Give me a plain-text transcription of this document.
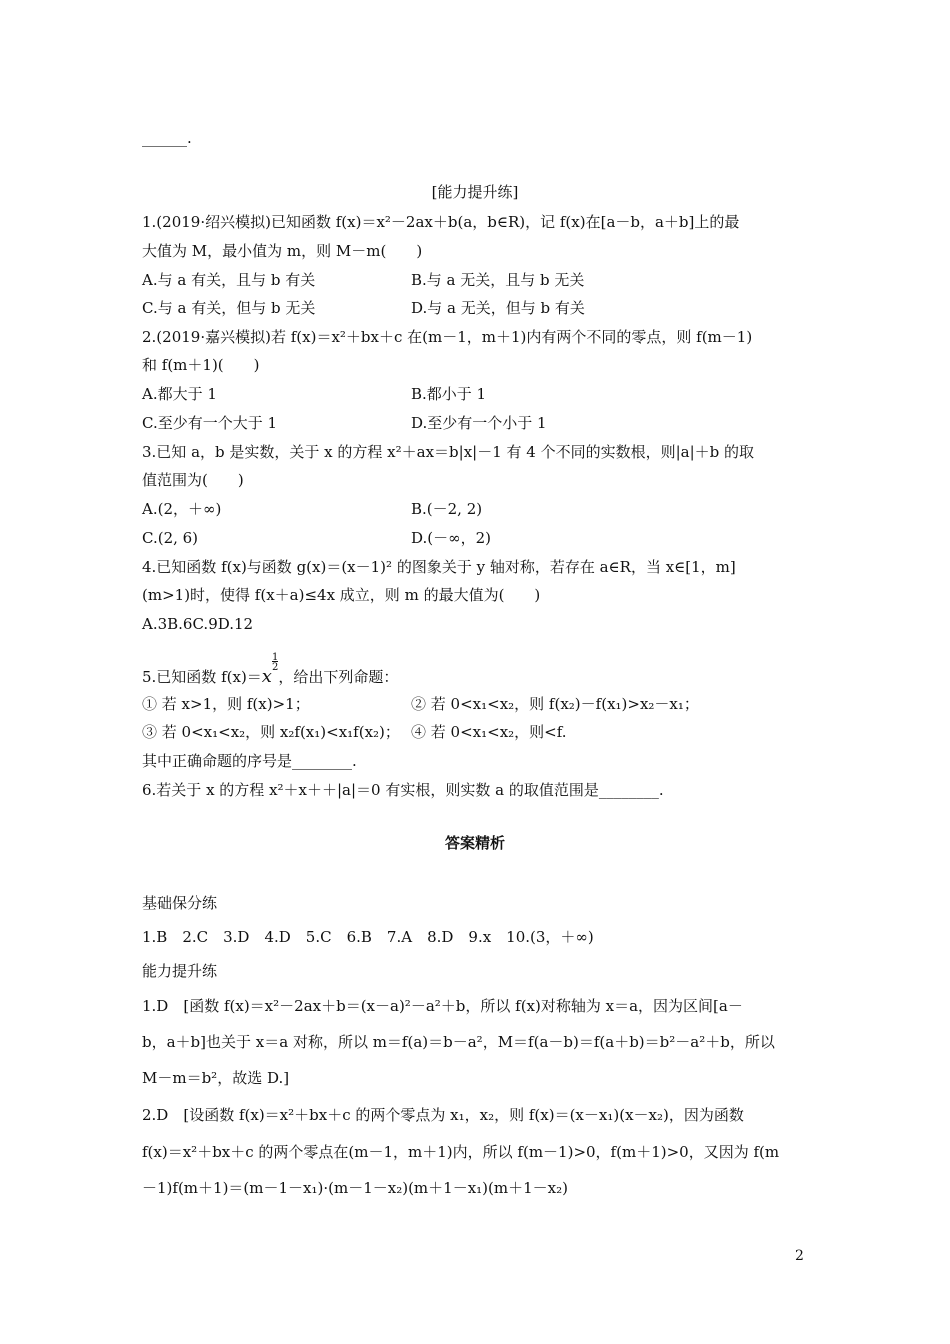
______.
[能力提升练]
1.(2019·绍兴模拟)已知函数 f(x)＝x²－2ax＋b(a，b∈R)，记 f(x)在[a－b，a＋b]上的最
大值为 M，最小值为 m，则 M－m(　　)
A.与 a 有关，且与 b 有关	B.与 a 无关，且与 b 无关
C.与 a 有关，但与 b 无关	D.与 a 无关，但与 b 有关
2.(2019·嘉兴模拟)若 f(x)＝x²＋bx＋c 在(m－1，m＋1)内有两个不同的零点，则 f(m－1)
和 f(m＋1)(　　)
A.都大于 1	B.都小于 1
C.至少有一个大于 1	D.至少有一个小于 1
3.已知 a，b 是实数，关于 x 的方程 x²＋ax＝b|x|－1 有 4 个不同的实数根，则|a|＋b 的取
值范围为(　　)
A.(2，＋∞)	B.(－2, 2)
C.(2, 6)	D.(－∞，2)
4.已知函数 f(x)与函数 g(x)＝(x－1)² 的图象关于 y 轴对称，若存在 a∈R，当 x∈[1，m]
(m>1)时，使得 f(x＋a)≤4x 成立，则 m 的最大值为(　　)
A.3B.6C.9D.12
5.已知函数 $f(x)=x\frac{1}{2}$，给出下列命题：
① 若 x>1，则 f(x)>1；	② 若 0<x₁<x₂，则 f(x₂)－f(x₁)>x₂－x₁；
③ 若 0<x₁<x₂，则 x₂f(x₁)<x₁f(x₂)； ④ 若 0<x₁<x₂，则<f.
其中正确命题的序号是________.
6.若关于 x 的方程 x²＋x＋＋|a|＝0 有实根，则实数 a 的取值范围是________.
答案精析
基础保分练
1.B　2.C　3.D　4.D　5.C　6.B　7.A　8.D　9.x　10.(3，＋∞)
能力提升练
1.D　[函数 f(x)＝x²－2ax＋b＝(x－a)²－a²＋b，所以 f(x)对称轴为 x＝a，因为区间[a－
b，a＋b]也关于 x＝a 对称，所以 m＝f(a)＝b－a²，M＝f(a－b)＝f(a＋b)＝b²－a²＋b，所以
M－m＝b²，故选 D.]
2.D　[设函数 f(x)＝x²＋bx＋c 的两个零点为 x₁，x₂，则 f(x)＝(x－x₁)(x－x₂)，因为函数
f(x)＝x²＋bx＋c 的两个零点在(m－1，m＋1)内，所以 f(m－1)>0，f(m＋1)>0，又因为 f(m
－1)f(m＋1)＝(m－1－x₁)·(m－1－x₂)(m＋1－x₁)(m＋1－x₂)
2
